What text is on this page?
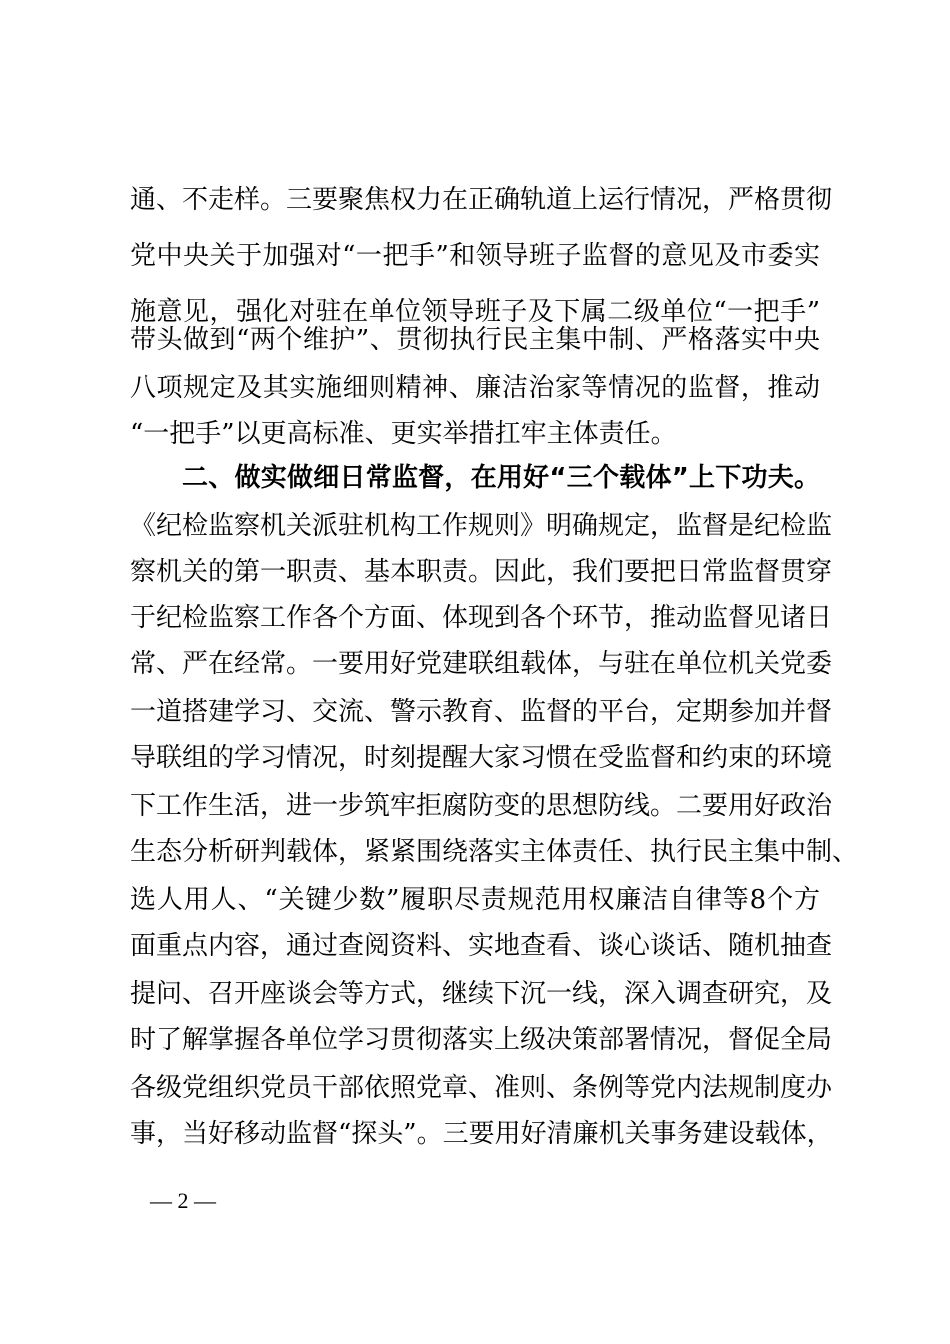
通、不走样。三要聚焦权力在正确轨道上运行情况，严格贯彻
党中央关于加强对“一把手”和领导班子监督的意见及市委实
施意见，强化对驻在单位领导班子及下属二级单位“一把手”
带头做到“两个维护”、贯彻执行民主集中制、严格落实中央
八项规定及其实施细则精神、廉洁治家等情况的监督，推动
“一把手”以更高标准、更实举措扛牢主体责任。
二、做实做细日常监督，在用好“三个载体”上下功夫。
《纪检监察机关派驻机构工作规则》明确规定，监督是纪检监
察机关的第一职责、基本职责。因此，我们要把日常监督贯穿
于纪检监察工作各个方面、体现到各个环节，推动监督见诸日
常、严在经常。一要用好党建联组载体，与驻在单位机关党委
一道搭建学习、交流、警示教育、监督的平台，定期参加并督
导联组的学习情况，时刻提醒大家习惯在受监督和约束的环境
下工作生活，进一步筑牢拒腐防变的思想防线。二要用好政治
生态分析研判载体，紧紧围绕落实主体责任、执行民主集中制、
选人用人、“关键少数”履职尽责规范用权廉洁自律等8个方
面重点内容，通过查阅资料、实地查看、谈心谈话、随机抽查
提问、召开座谈会等方式，继续下沉一线，深入调查研究，及
时了解掌握各单位学习贯彻落实上级决策部署情况，督促全局
各级党组织党员干部依照党章、准则、条例等党内法规制度办
事，当好移动监督“探头”。三要用好清廉机关事务建设载体，
— 2 —
